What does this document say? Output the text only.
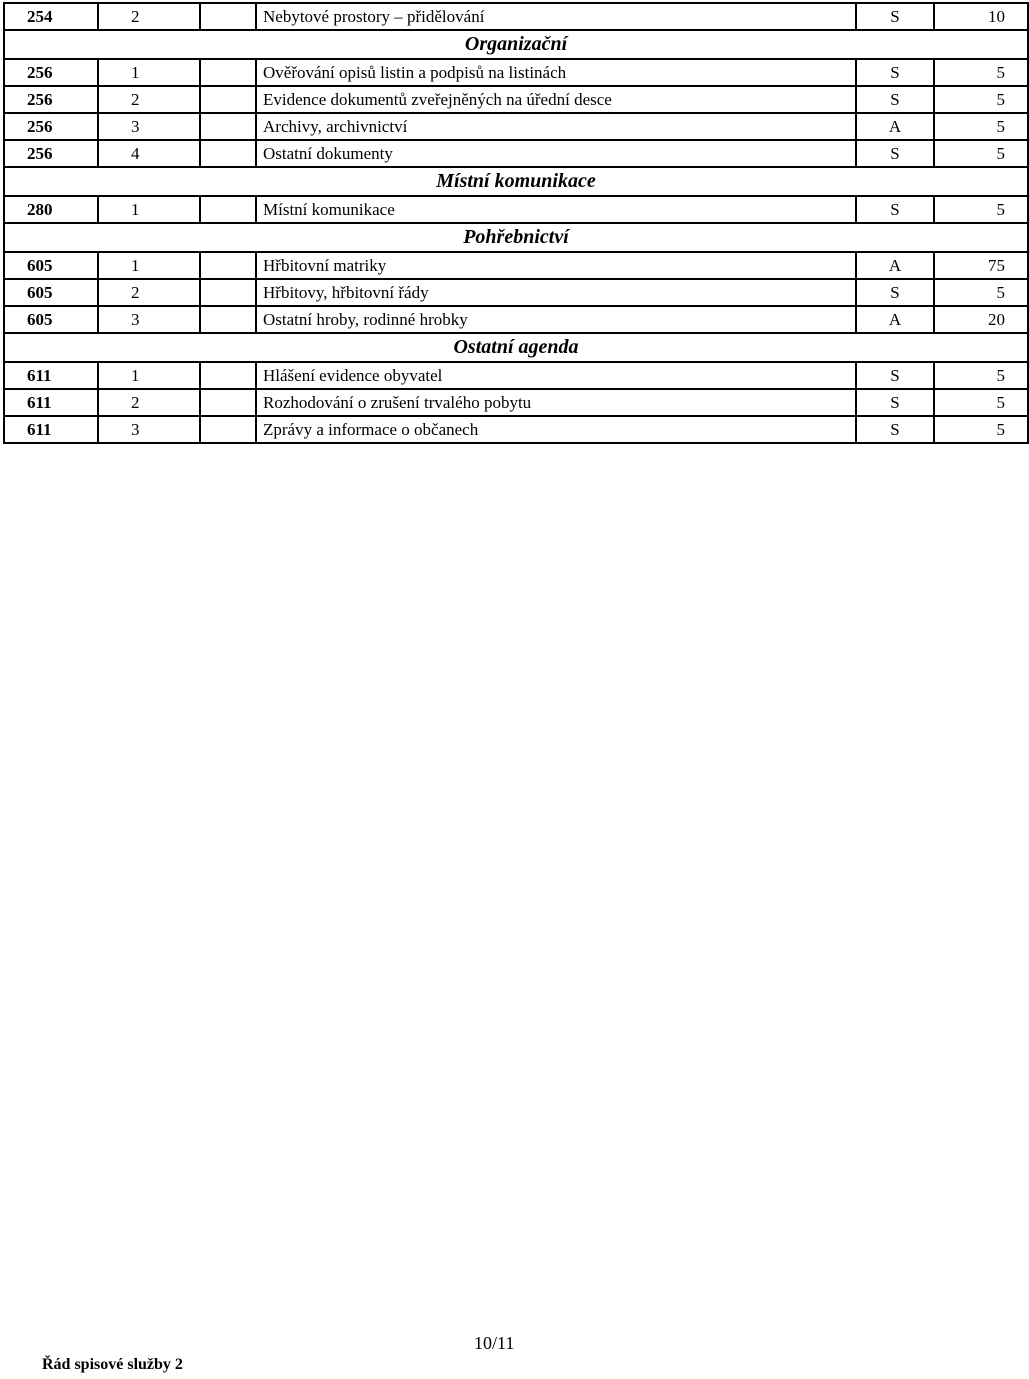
254	2		Nebytové prostory – přidělování	S	10
Organizační					
256	1		Ověřování opisů listin a podpisů na listinách	S	5
256	2		Evidence dokumentů zveřejněných na úřední desce	S	5
256	3		Archivy, archivnictví	A	5
256	4		Ostatní dokumenty	S	5
Místní komunikace					
280	1		Místní komunikace	S	5
Pohřebnictví					
605	1		Hřbitovní matriky	A	75
605	2		Hřbitovy, hřbitovní řády	S	5
605	3		Ostatní hroby, rodinné hrobky	A	20
Ostatní agenda					
611	1		Hlášení evidence obyvatel	S	5
611	2		Rozhodování o zrušení trvalého pobytu	S	5
611	3		Zprávy a informace o občanech	S	5
Řád spisové služby 2
10/11
